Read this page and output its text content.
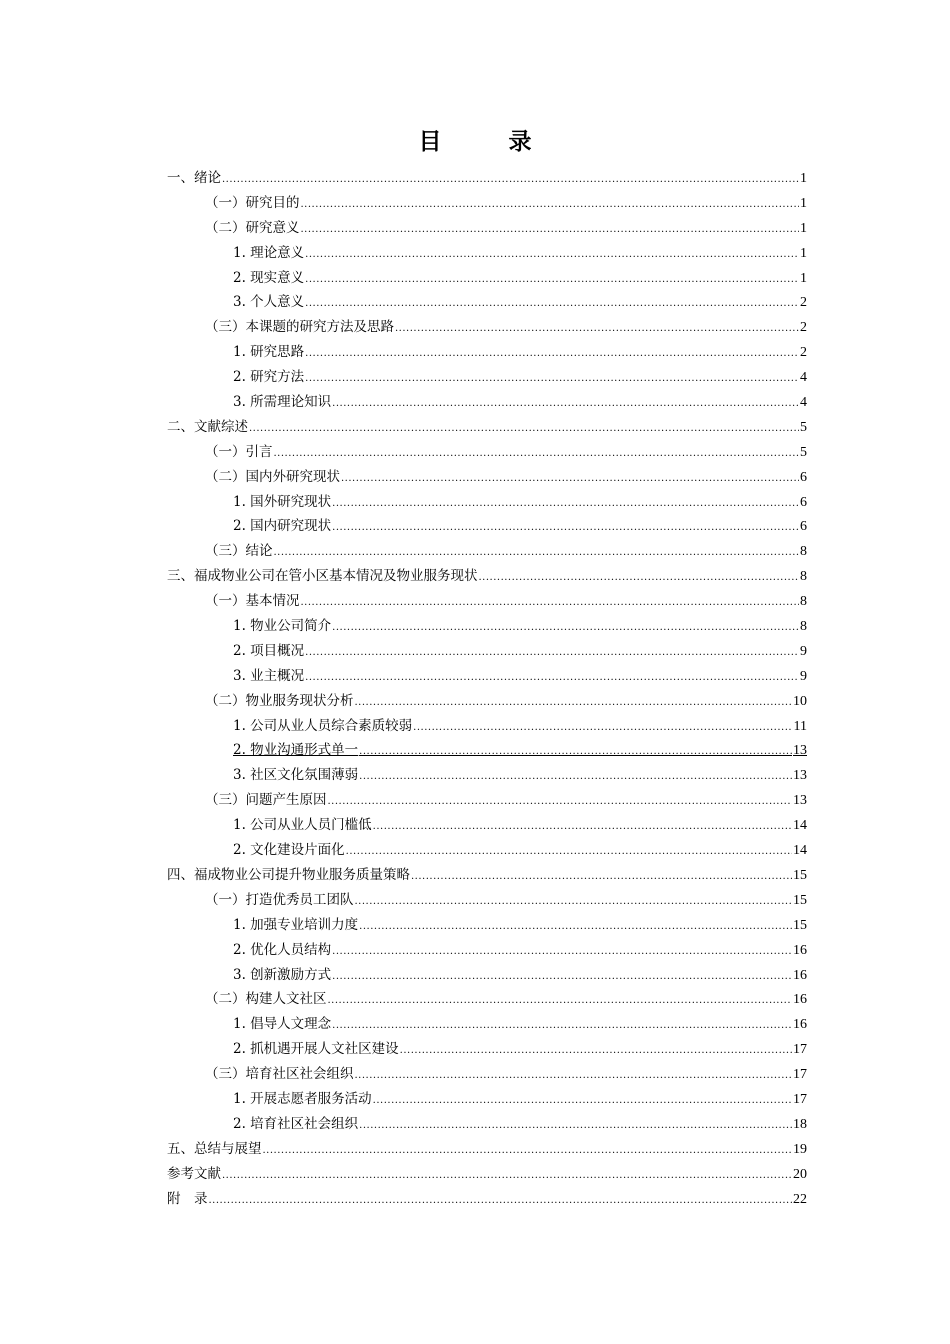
目　录
一、绪论 .....	1
（一）研究目的 .....	1
（二）研究意义 .....	1
1. 理论意义 .....	1
2. 现实意义 .....	1
3. 个人意义 .....	2
（三）本课题的研究方法及思路 .....	2
1. 研究思路 .....	2
2. 研究方法 .....	4
3. 所需理论知识 .....	4
二、文献综述 .....	5
（一）引言 .....	5
（二）国内外研究现状 .....	6
1. 国外研究现状 .....	6
2. 国内研究现状 .....	6
（三）结论 .....	8
三、福成物业公司在管小区基本情况及物业服务现状 .....	8
（一）基本情况 .....	8
1. 物业公司简介 .....	8
2. 项目概况 .....	9
3. 业主概况 .....	9
（二）物业服务现状分析 .....	10
1. 公司从业人员综合素质较弱 .....	11
2. 物业沟通形式单一 .....	13
3. 社区文化氛围薄弱 .....	13
（三）问题产生原因 .....	13
1. 公司从业人员门槛低 .....	14
2. 文化建设片面化 .....	14
四、福成物业公司提升物业服务质量策略 .....	15
（一）打造优秀员工团队 .....	15
1. 加强专业培训力度 .....	15
2. 优化人员结构 .....	16
3. 创新激励方式 .....	16
（二）构建人文社区 .....	16
1. 倡导人文理念 .....	16
2. 抓机遇开展人文社区建设 .....	17
（三）培育社区社会组织 .....	17
1. 开展志愿者服务活动 .....	17
2. 培育社区社会组织 .....	18
五、总结与展望 .....	19
参考文献 .....	20
附　录 .....	22
